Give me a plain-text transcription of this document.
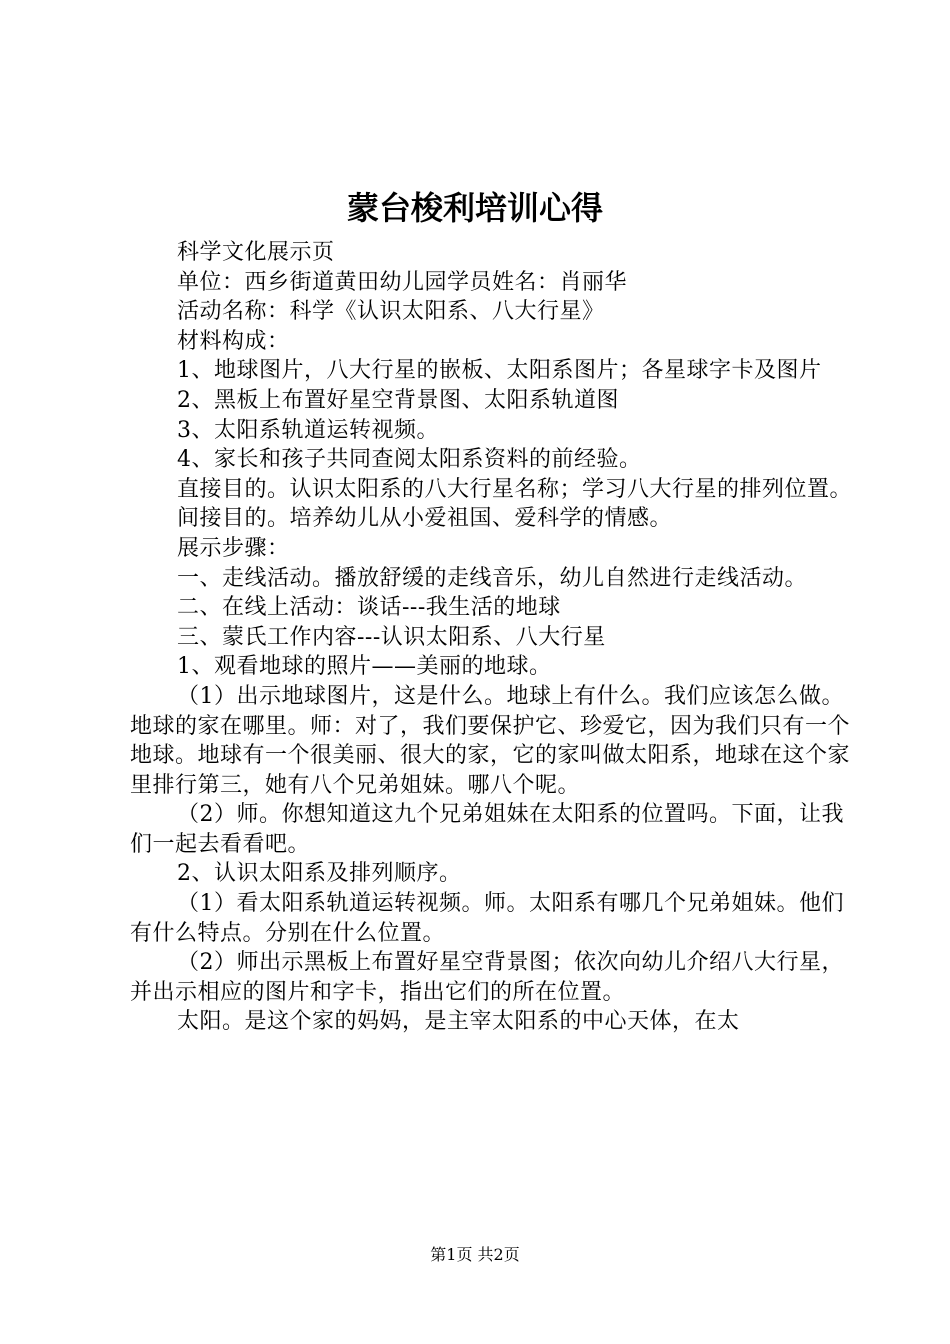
蒙台梭利培训心得

科学文化展示页

单位：西乡街道黄田幼儿园学员姓名：肖丽华

活动名称：科学《认识太阳系、八大行星》

材料构成：

1、地球图片，八大行星的嵌板、太阳系图片；各星球字卡及图片

2、黑板上布置好星空背景图、太阳系轨道图

3、太阳系轨道运转视频。

4、家长和孩子共同查阅太阳系资料的前经验。

直接目的。认识太阳系的八大行星名称；学习八大行星的排列位置。

间接目的。培养幼儿从小爱祖国、爱科学的情感。

展示步骤：

一、走线活动。播放舒缓的走线音乐，幼儿自然进行走线活动。

二、在线上活动：谈话---我生活的地球

三、蒙氏工作内容---认识太阳系、八大行星

1、观看地球的照片——美丽的地球。

（1）出示地球图片，这是什么。地球上有什么。我们应该怎么做。地球的家在哪里。师：对了，我们要保护它、珍爱它，因为我们只有一个地球。地球有一个很美丽、很大的家，它的家叫做太阳系，地球在这个家里排行第三，她有八个兄弟姐妹。哪八个呢。

（2）师。你想知道这九个兄弟姐妹在太阳系的位置吗。下面，让我们一起去看看吧。

2、认识太阳系及排列顺序。

（1）看太阳系轨道运转视频。师。太阳系有哪几个兄弟姐妹。他们有什么特点。分别在什么位置。

（2）师出示黑板上布置好星空背景图；依次向幼儿介绍八大行星，并出示相应的图片和字卡，指出它们的所在位置。

太阳。是这个家的妈妈，是主宰太阳系的中心天体，在太

第1页 共2页
